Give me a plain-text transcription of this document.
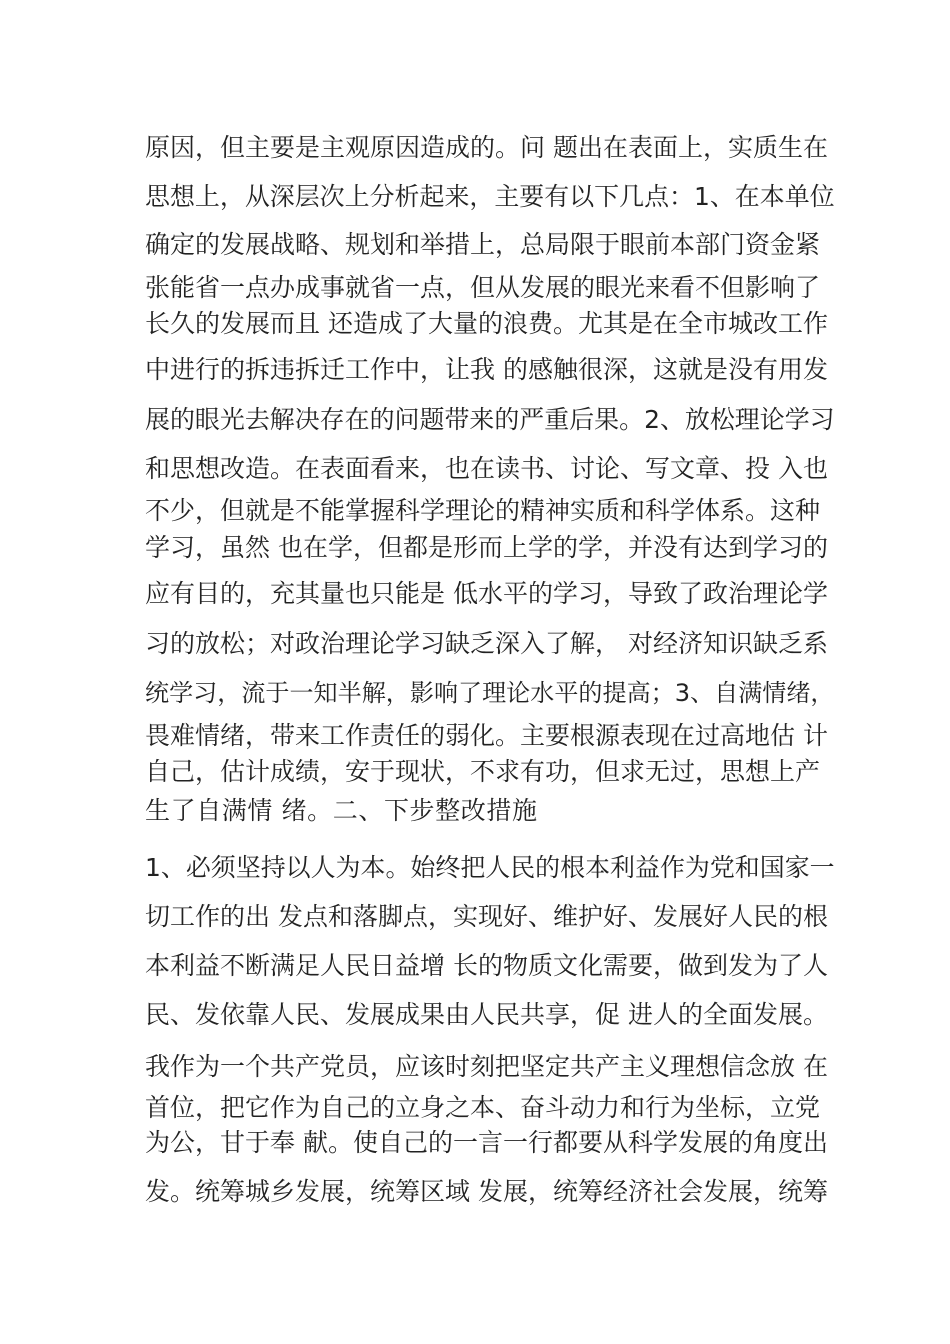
原因，但主要是主观原因造成的。问 题出在表面上，实质生在
思想上，从深层次上分析起来，主要有以下几点：1、在本单位
确定的发展战略、规划和举措上，总局限于眼前本部门资金紧
张能省一点办成事就省一点，但从发展的眼光来看不但影响了
长久的发展而且 还造成了大量的浪费。尤其是在全市城改工作
中进行的拆违拆迁工作中，让我 的感触很深，这就是没有用发
展的眼光去解决存在的问题带来的严重后果。2、放松理论学习
和思想改造。在表面看来，也在读书、讨论、写文章、投 入也
不少，但就是不能掌握科学理论的精神实质和科学体系。这种
学习，虽然 也在学，但都是形而上学的学，并没有达到学习的
应有目的，充其量也只能是 低水平的学习，导致了政治理论学
习的放松；对政治理论学习缺乏深入了解， 对经济知识缺乏系
统学习，流于一知半解，影响了理论水平的提高；3、自满情绪，
畏难情绪，带来工作责任的弱化。主要根源表现在过高地估 计
自己，估计成绩，安于现状，不求有功，但求无过，思想上产
生了自满情 绪。二、下步整改措施
1、必须坚持以人为本。始终把人民的根本利益作为党和国家一
切工作的出 发点和落脚点，实现好、维护好、发展好人民的根
本利益不断满足人民日益增 长的物质文化需要，做到发为了人
民、发依靠人民、发展成果由人民共享，促 进人的全面发展。
我作为一个共产党员，应该时刻把坚定共产主义理想信念放 在
首位，把它作为自己的立身之本、奋斗动力和行为坐标，立党
为公，甘于奉 献。使自己的一言一行都要从科学发展的角度出
发。统筹城乡发展，统筹区域 发展，统筹经济社会发展，统筹
